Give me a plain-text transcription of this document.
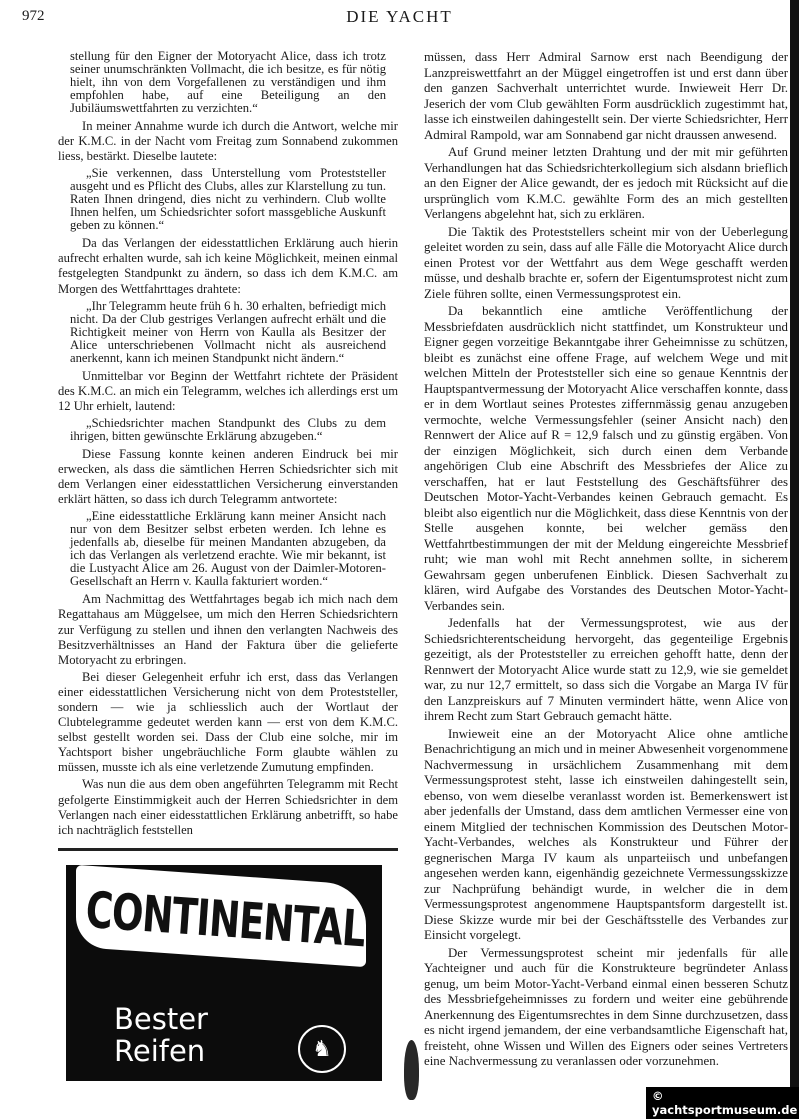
972	DIE YACHT

stellung für den Eigner der Motoryacht Alice, dass ich trotz seiner unumschränkten Vollmacht, die ich besitze, es für nötig hielt, ihn von dem Vorgefallenen zu verständigen und ihm empfohlen habe, auf eine Beteiligung an den Jubiläumswettfahrten zu verzichten.“

In meiner Annahme wurde ich durch die Antwort, welche mir der K.M.C. in der Nacht vom Freitag zum Sonnabend zukommen liess, bestärkt. Dieselbe lautete:

„Sie verkennen, dass Unterstellung vom Proteststeller ausgeht und es Pflicht des Clubs, alles zur Klarstellung zu tun. Raten Ihnen dringend, dies nicht zu verhindern. Club wollte Ihnen helfen, um Schiedsrichter sofort massgebliche Auskunft geben zu können.“

Da das Verlangen der eidesstattlichen Erklärung auch hierin aufrecht erhalten wurde, sah ich keine Möglichkeit, meinen einmal festgelegten Standpunkt zu ändern, so dass ich dem K.M.C. am Morgen des Wettfahrttages drahtete:

„Ihr Telegramm heute früh 6 h. 30 erhalten, befriedigt mich nicht. Da der Club gestriges Verlangen aufrecht erhält und die Richtigkeit meiner von Herrn von Kaulla als Besitzer der Alice unterschriebenen Vollmacht nicht als ausreichend anerkennt, kann ich meinen Standpunkt nicht ändern.“

Unmittelbar vor Beginn der Wettfahrt richtete der Präsident des K.M.C. an mich ein Telegramm, welches ich allerdings erst um 12 Uhr erhielt, lautend:

„Schiedsrichter machen Standpunkt des Clubs zu dem ihrigen, bitten gewünschte Erklärung abzugeben.“

Diese Fassung konnte keinen anderen Eindruck bei mir erwecken, als dass die sämtlichen Herren Schiedsrichter sich mit dem Verlangen einer eidesstattlichen Versicherung einverstanden erklärt hätten, so dass ich durch Telegramm antwortete:

„Eine eidesstattliche Erklärung kann meiner Ansicht nach nur von dem Besitzer selbst erbeten werden. Ich lehne es jedenfalls ab, dieselbe für meinen Mandanten abzugeben, da ich das Verlangen als verletzend erachte. Wie mir bekannt, ist die Lustyacht Alice am 26. August von der Daimler-Motoren-Gesellschaft an Herrn v. Kaulla fakturiert worden.“

Am Nachmittag des Wettfahrtages begab ich mich nach dem Regattahaus am Müggelsee, um mich den Herren Schiedsrichtern zur Verfügung zu stellen und ihnen den verlangten Nachweis des Besitzverhältnisses an Hand der Faktura über die gelieferte Motoryacht zu erbringen.

Bei dieser Gelegenheit erfuhr ich erst, dass das Verlangen einer eidesstattlichen Versicherung nicht von dem Proteststeller, sondern — wie ja schliesslich auch der Wortlaut der Clubtelegramme gedeutet werden kann — erst von dem K.M.C. selbst gestellt worden sei. Dass der Club eine solche, mir im Yachtsport bisher ungebräuchliche Form glaubte wählen zu müssen, musste ich als eine verletzende Zumutung empfinden.

Was nun die aus dem oben angeführten Telegramm mit Recht gefolgerte Einstimmigkeit auch der Herren Schiedsrichter in dem Verlangen nach einer eidesstattlichen Erklärung anbetrifft, so habe ich nachträglich feststellen

CONTINENTAL
Bester
Reifen	♞

müssen, dass Herr Admiral Sarnow erst nach Beendigung der Lanzpreiswettfahrt an der Müggel eingetroffen ist und erst dann über den ganzen Sachverhalt unterrichtet wurde. Inwieweit Herr Dr. Jeserich der vom Club gewählten Form ausdrücklich zugestimmt hat, lasse ich einstweilen dahingestellt sein. Der vierte Schiedsrichter, Herr Admiral Rampold, war am Sonnabend gar nicht draussen anwesend.

Auf Grund meiner letzten Drahtung und der mit mir geführten Verhandlungen hat das Schiedsrichterkollegium sich alsdann brieflich an den Eigner der Alice gewandt, der es jedoch mit Rücksicht auf die ursprünglich vom K.M.C. gewählte Form des an mich gestellten Verlangens abgelehnt hat, sich zu erklären.

Die Taktik des Proteststellers scheint mir von der Ueberlegung geleitet worden zu sein, dass auf alle Fälle die Motoryacht Alice durch einen Protest vor der Wettfahrt aus dem Wege geschafft werden müsse, und deshalb brachte er, sofern der Eigentumsprotest nicht zum Ziele führen sollte, einen Vermessungsprotest ein.

Da bekanntlich eine amtliche Veröffentlichung der Messbriefdaten ausdrücklich nicht stattfindet, um Konstrukteur und Eigner gegen vorzeitige Bekanntgabe ihrer Geheimnisse zu schützen, bleibt es zunächst eine offene Frage, auf welchem Wege und mit welchen Mitteln der Proteststeller sich eine so genaue Kenntnis der Hauptspantvermessung der Motoryacht Alice verschaffen konnte, dass er in dem Wortlaut seines Protestes ziffernmässig genau anzugeben vermochte, welche Vermessungsfehler (seiner Ansicht nach) den Rennwert der Alice auf R = 12,9 falsch und zu günstig ergäben. Von der einzigen Möglichkeit, sich durch einen dem Verbande angehörigen Club eine Abschrift des Messbriefes der Alice zu verschaffen, hat er laut Feststellung des Geschäftsführer des Deutschen Motor-Yacht-Verbandes keinen Gebrauch gemacht. Es bleibt also eigentlich nur die Möglichkeit, dass diese Kenntnis von der Stelle ausgehen konnte, bei welcher gemäss den Wettfahrtbestimmungen der mit der Meldung eingereichte Messbrief ruht; wie man wohl mit Recht annehmen sollte, in sicherem Gewahrsam gegen unberufenen Einblick. Diesen Sachverhalt zu klären, wird Aufgabe des Vorstandes des Deutschen Motor-Yacht-Verbandes sein.

Jedenfalls hat der Vermessungsprotest, wie aus der Schiedsrichterentscheidung hervorgeht, das gegenteilige Ergebnis gezeitigt, als der Proteststeller zu erreichen gehofft hatte, denn der Rennwert der Motoryacht Alice wurde statt zu 12,9, wie sie gemeldet war, zu nur 12,7 ermittelt, so dass sich die Vorgabe an Marga IV für den Lanzpreiskurs auf 7 Minuten vermindert hätte, wenn Alice von ihrem Recht zum Start Gebrauch gemacht hätte.

Inwieweit eine an der Motoryacht Alice ohne amtliche Benachrichtigung an mich und in meiner Abwesenheit vorgenommene Nachvermessung in ursächlichem Zusammenhang mit dem Vermessungsprotest steht, lasse ich einstweilen dahingestellt sein, ebenso, von wem dieselbe veranlasst worden ist. Bemerkenswert ist aber jedenfalls der Umstand, dass dem amtlichen Vermesser eine von einem Mitglied der technischen Kommission des Deutschen Motor-Yacht-Verbandes, welches als Konstrukteur und Führer der gegnerischen Marga IV kaum als unparteiisch und unbefangen angesehen werden kann, eigenhändig gezeichnete Vermessungsskizze zur Nachprüfung behändigt wurde, in welcher die in dem Vermessungsprotest angenommene Hauptspantsform dargestellt ist. Diese Skizze wurde mir bei der Geschäftsstelle des Verbandes zur Einsicht vorgelegt.

Der Vermessungsprotest scheint mir jedenfalls für alle Yachteigner und auch für die Konstrukteure begründeter Anlass genug, um beim Motor-Yacht-Verband einmal einen besseren Schutz des Messbriefgeheimnisses zu fordern und weiter eine gebührende Anerkennung des Eigentumsrechtes in dem Sinne durchzusetzen, dass es nicht irgend jemandem, der eine verbandsamtliche Eigenschaft hat, freisteht, ohne Wissen und Willen des Eigners oder seines Vertreters eine Nachvermessung zu veranlassen oder vorzunehmen.

© yachtsportmuseum.de
